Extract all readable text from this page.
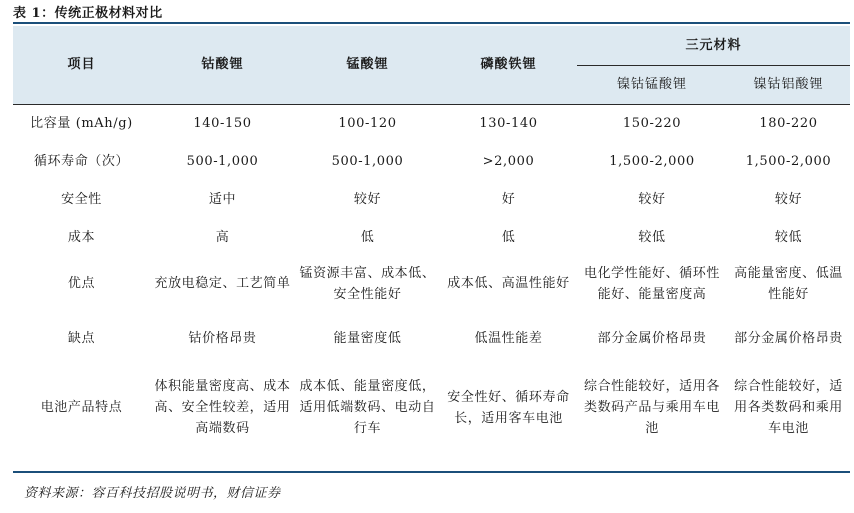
表 1：传统正极材料对比
项目	钴酸锂	锰酸锂	磷酸铁锂	三元材料	
				镍钴锰酸锂	镍钴铝酸锂
比容量 (mAh/g)	140-150	100-120	130-140	150-220	180-220
循环寿命（次）	500-1,000	500-1,000	>2,000	1,500-2,000	1,500-2,000
安全性	适中	较好	好	较好	较好
成本	高	低	低	较低	较低
优点	充放电稳定、工艺简单	锰资源丰富、成本低、安全性能好	成本低、高温性能好	电化学性能好、循环性能好、能量密度高	高能量密度、低温性能好
缺点	钴价格昂贵	能量密度低	低温性能差	部分金属价格昂贵	部分金属价格昂贵
电池产品特点	体积能量密度高、成本高、安全性较差，适用高端数码	成本低、能量密度低，适用低端数码、电动自行车	安全性好、循环寿命长，适用客车电池	综合性能较好，适用各类数码产品与乘用车电池	综合性能较好，适用各类数码和乘用车电池
资料来源：容百科技招股说明书，财信证券
